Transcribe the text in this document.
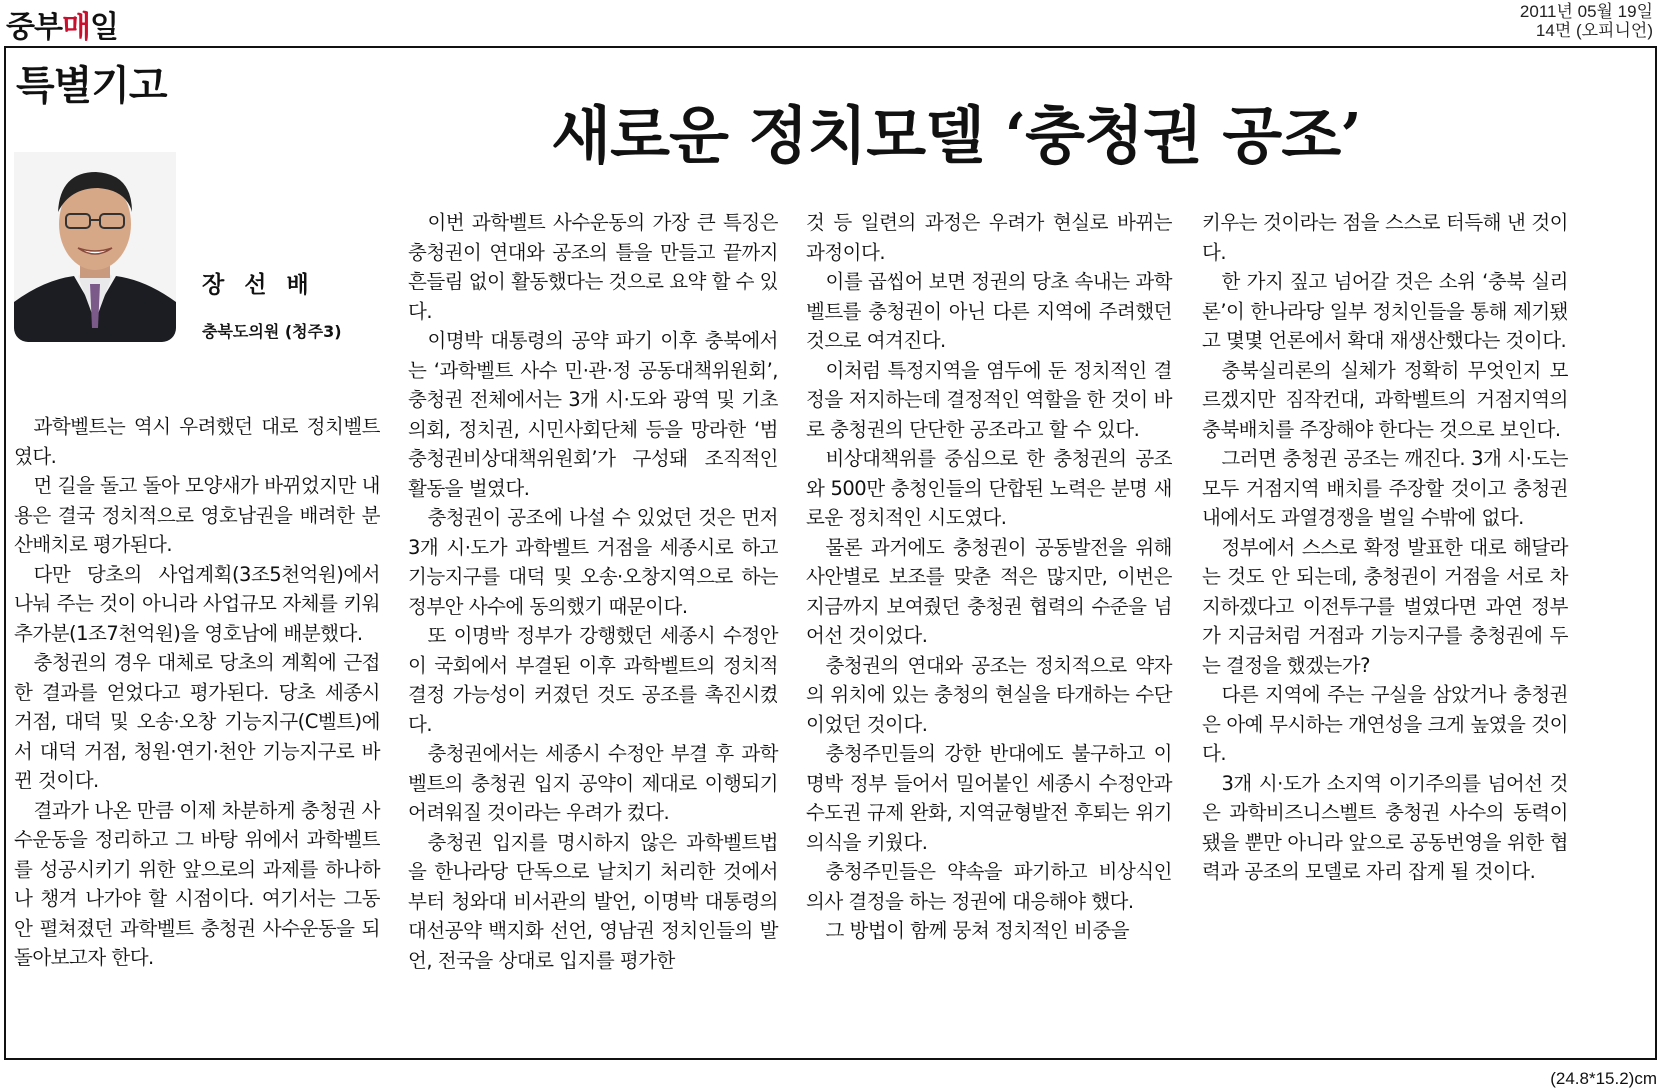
중부매일	2011년 05월 19일
14면 (오피니언)
특별기고
새로운 정치모델 ‘충청권 공조’
장 선 배
충북도의원 (청주3)

과학벨트는 역시 우려했던 대로 정치벨트였다.

먼 길을 돌고 돌아 모양새가 바뀌었지만 내용은 결국 정치적으로 영호남권을 배려한 분산배치로 평가된다.

다만 당초의 사업계획(3조5천억원)에서 나눠 주는 것이 아니라 사업규모 자체를 키워 추가분(1조7천억원)을 영호남에 배분했다.

충청권의 경우 대체로 당초의 계획에 근접한 결과를 얻었다고 평가된다. 당초 세종시 거점, 대덕 및 오송·오창 기능지구(C벨트)에서 대덕 거점, 청원·연기·천안 기능지구로 바뀐 것이다.

결과가 나온 만큼 이제 차분하게 충청권 사수운동을 정리하고 그 바탕 위에서 과학벨트를 성공시키기 위한 앞으로의 과제를 하나하나 챙겨 나가야 할 시점이다. 여기서는 그동안 펼쳐졌던 과학벨트 충청권 사수운동을 되돌아보고자 한다.

이번 과학벨트 사수운동의 가장 큰 특징은 충청권이 연대와 공조의 틀을 만들고 끝까지 흔들림 없이 활동했다는 것으로 요약 할 수 있다.

이명박 대통령의 공약 파기 이후 충북에서는 ‘과학벨트 사수 민·관·정 공동대책위원회’, 충청권 전체에서는 3개 시·도와 광역 및 기초의회, 정치권, 시민사회단체 등을 망라한 ‘범충청권비상대책위원회’가 구성돼 조직적인 활동을 벌였다.

충청권이 공조에 나설 수 있었던 것은 먼저 3개 시·도가 과학벨트 거점을 세종시로 하고 기능지구를 대덕 및 오송·오창지역으로 하는 정부안 사수에 동의했기 때문이다.

또 이명박 정부가 강행했던 세종시 수정안이 국회에서 부결된 이후 과학벨트의 정치적 결정 가능성이 커졌던 것도 공조를 촉진시켰다.

충청권에서는 세종시 수정안 부결 후 과학벨트의 충청권 입지 공약이 제대로 이행되기 어려워질 것이라는 우려가 컸다.

충청권 입지를 명시하지 않은 과학벨트법을 한나라당 단독으로 날치기 처리한 것에서부터 청와대 비서관의 발언, 이명박 대통령의 대선공약 백지화 선언, 영남권 정치인들의 발언, 전국을 상대로 입지를 평가한

것 등 일련의 과정은 우려가 현실로 바뀌는 과정이다.

이를 곱씹어 보면 정권의 당초 속내는 과학벨트를 충청권이 아닌 다른 지역에 주려했던 것으로 여겨진다.

이처럼 특정지역을 염두에 둔 정치적인 결정을 저지하는데 결정적인 역할을 한 것이 바로 충청권의 단단한 공조라고 할 수 있다.

비상대책위를 중심으로 한 충청권의 공조와 500만 충청인들의 단합된 노력은 분명 새로운 정치적인 시도였다.

물론 과거에도 충청권이 공동발전을 위해 사안별로 보조를 맞춘 적은 많지만, 이번은 지금까지 보여줬던 충청권 협력의 수준을 넘어선 것이었다.

충청권의 연대와 공조는 정치적으로 약자의 위치에 있는 충청의 현실을 타개하는 수단이었던 것이다.

충청주민들의 강한 반대에도 불구하고 이명박 정부 들어서 밀어붙인 세종시 수정안과 수도권 규제 완화, 지역균형발전 후퇴는 위기의식을 키웠다.

충청주민들은 약속을 파기하고 비상식인 의사 결정을 하는 정권에 대응해야 했다.

그 방법이 함께 뭉쳐 정치적인 비중을

키우는 것이라는 점을 스스로 터득해 낸 것이다.

한 가지 짚고 넘어갈 것은 소위 ‘충북 실리론’이 한나라당 일부 정치인들을 통해 제기됐고 몇몇 언론에서 확대 재생산했다는 것이다.

충북실리론의 실체가 정확히 무엇인지 모르겠지만 짐작컨대, 과학벨트의 거점지역의 충북배치를 주장해야 한다는 것으로 보인다.

그러면 충청권 공조는 깨진다. 3개 시·도는 모두 거점지역 배치를 주장할 것이고 충청권내에서도 과열경쟁을 벌일 수밖에 없다.

정부에서 스스로 확정 발표한 대로 해달라는 것도 안 되는데, 충청권이 거점을 서로 차지하겠다고 이전투구를 벌였다면 과연 정부가 지금처럼 거점과 기능지구를 충청권에 두는 결정을 했겠는가?

다른 지역에 주는 구실을 삼았거나 충청권은 아예 무시하는 개연성을 크게 높였을 것이다.

3개 시·도가 소지역 이기주의를 넘어선 것은 과학비즈니스벨트 충청권 사수의 동력이 됐을 뿐만 아니라 앞으로 공동번영을 위한 협력과 공조의 모델로 자리 잡게 될 것이다.

(24.8*15.2)cm
